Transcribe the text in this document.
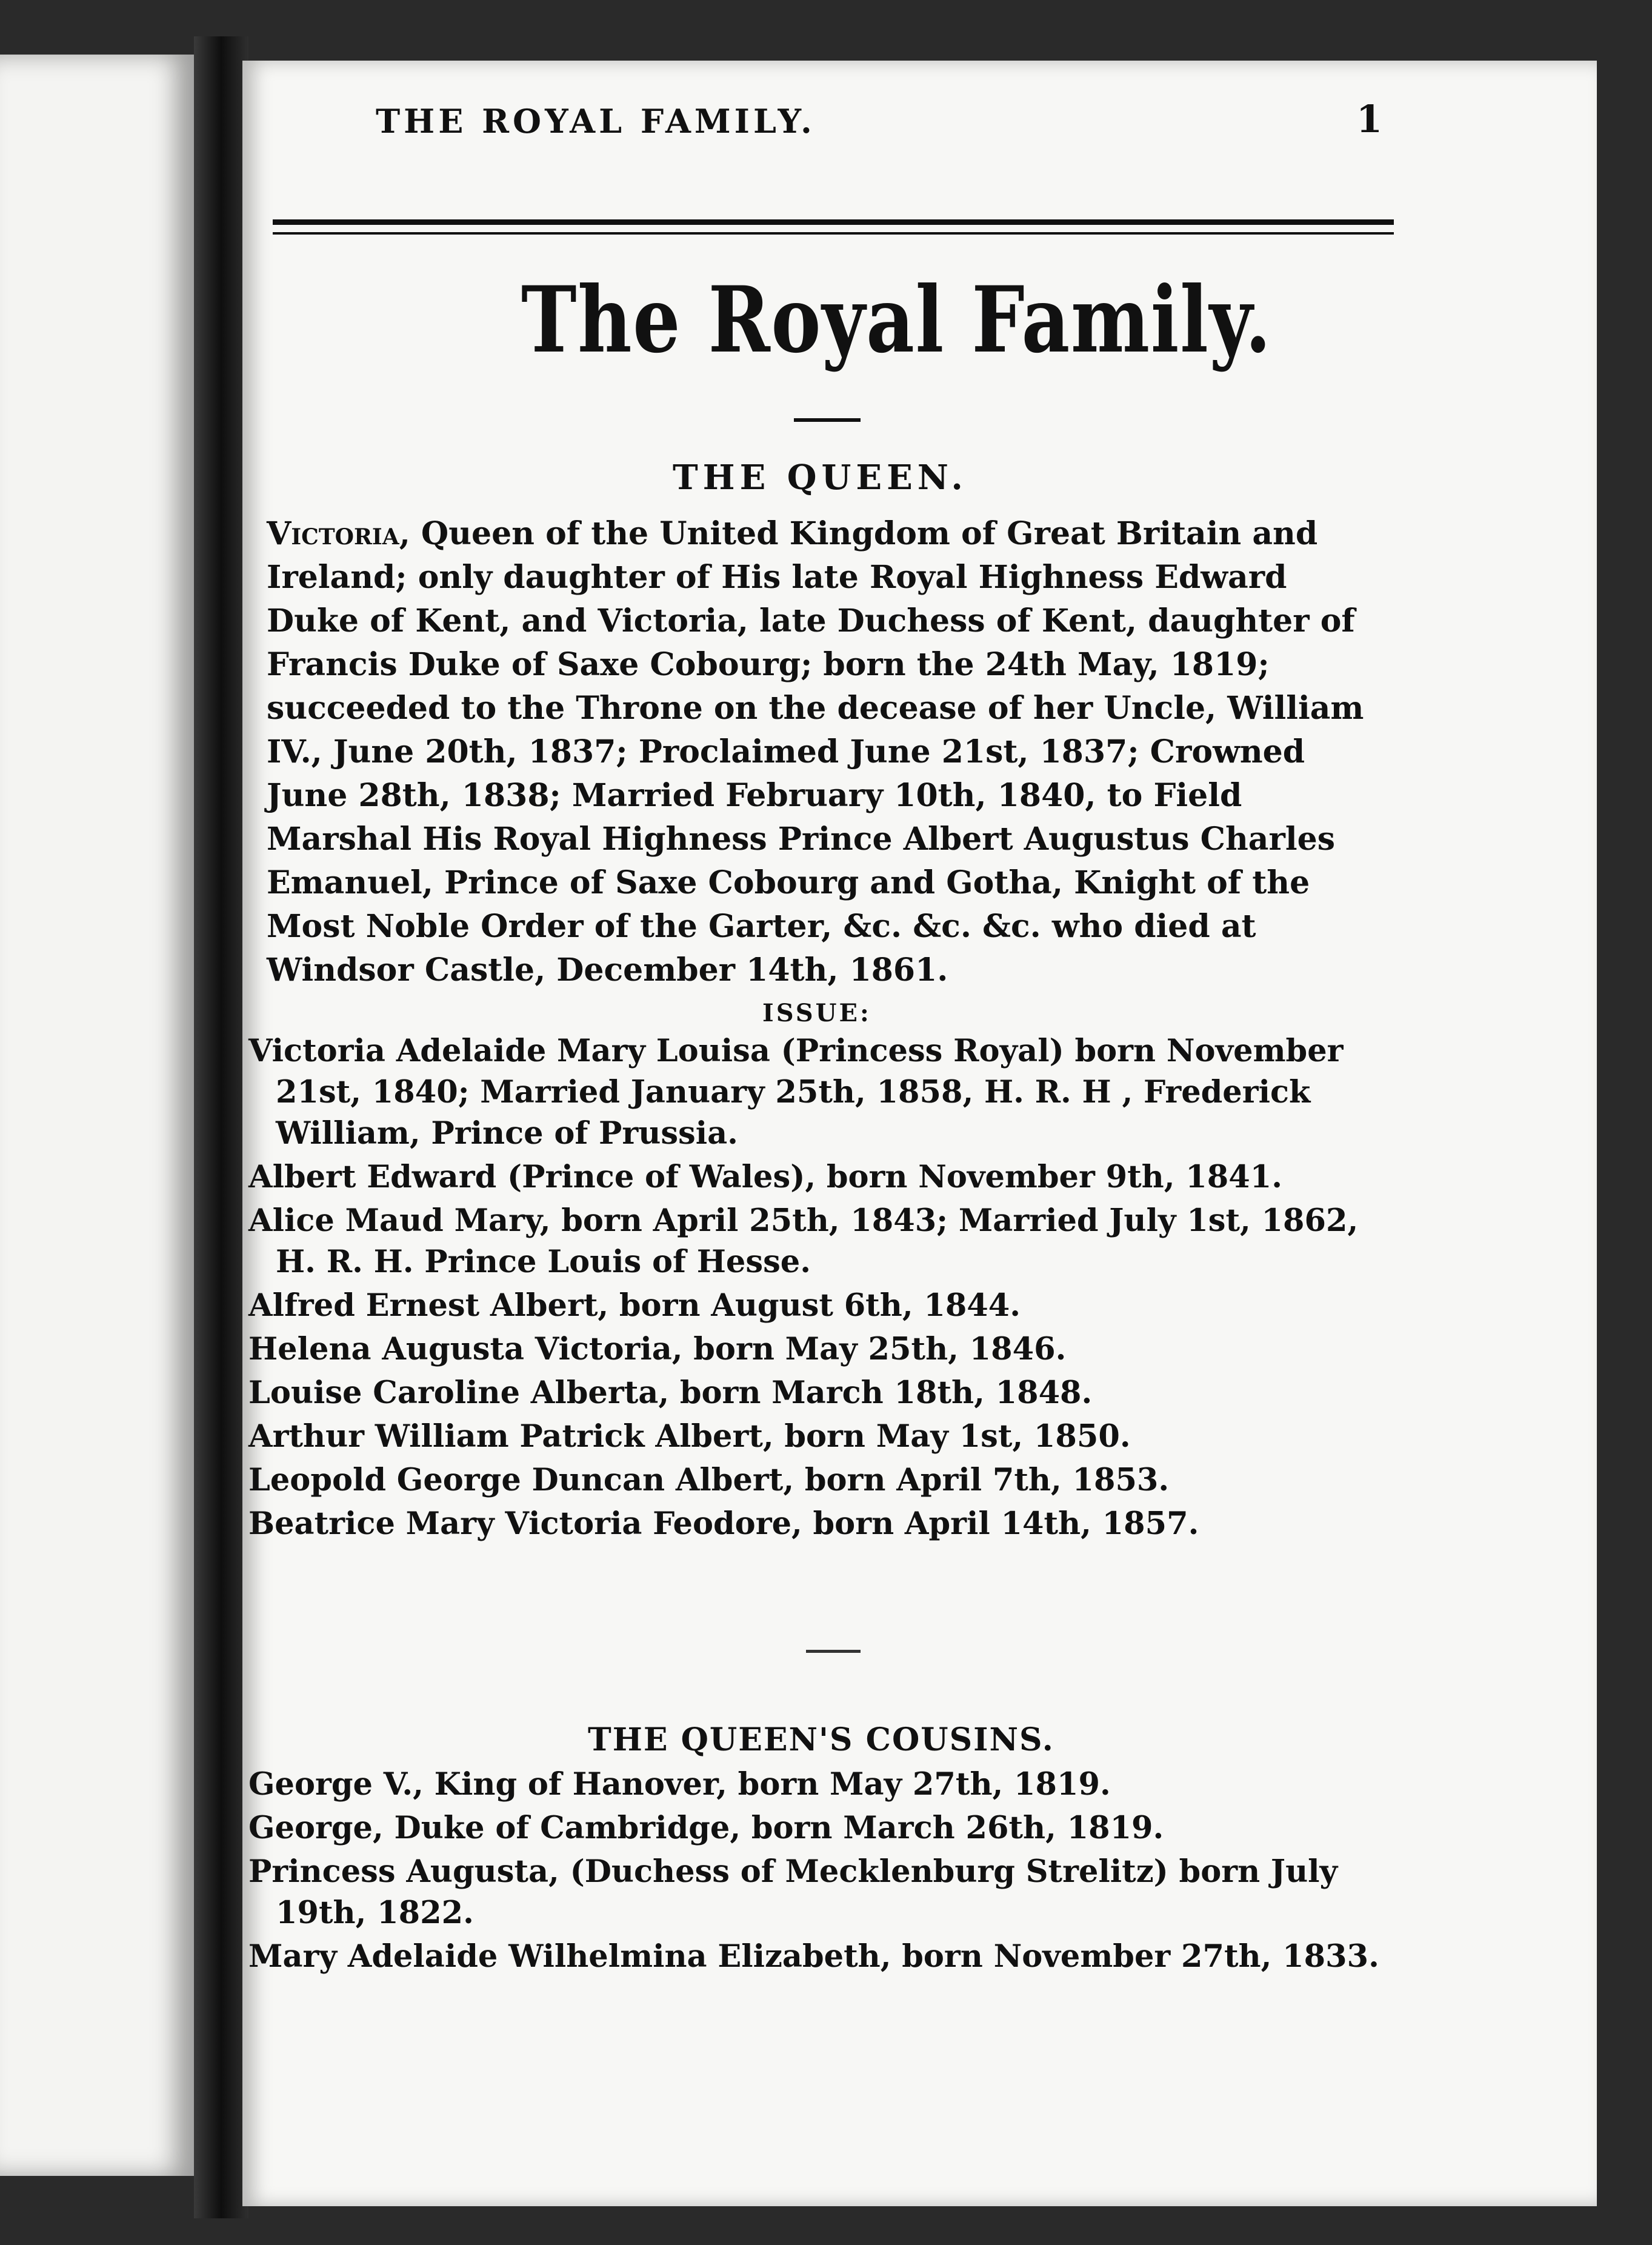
THE ROYAL FAMILY.	1
The Royal Family.
THE QUEEN.

Victoria, Queen of the United Kingdom of Great Britain and Ireland; only daughter of His late Royal Highness Edward Duke of Kent, and Victoria, late Duchess of Kent, daughter of Francis Duke of Saxe Cobourg; born the 24th May, 1819; succeeded to the Throne on the decease of her Uncle, William IV., June 20th, 1837; Proclaimed June 21st, 1837; Crowned June 28th, 1838; Married February 10th, 1840, to Field Marshal His Royal Highness Prince Albert Augustus Charles Emanuel, Prince of Saxe Cobourg and Gotha, Knight of the Most Noble Order of the Garter, &c. &c. &c. who died at Windsor Castle, December 14th, 1861.

ISSUE:

Victoria Adelaide Mary Louisa (Princess Royal) born November 21st, 1840; Married January 25th, 1858, H. R. H , Frederick William, Prince of Prussia.

Albert Edward (Prince of Wales), born November 9th, 1841.

Alice Maud Mary, born April 25th, 1843; Married July 1st, 1862, H. R. H. Prince Louis of Hesse.

Alfred Ernest Albert, born August 6th, 1844.

Helena Augusta Victoria, born May 25th, 1846.

Louise Caroline Alberta, born March 18th, 1848.

Arthur William Patrick Albert, born May 1st, 1850.

Leopold George Duncan Albert, born April 7th, 1853.

Beatrice Mary Victoria Feodore, born April 14th, 1857.

THE QUEEN'S COUSINS.

George V., King of Hanover, born May 27th, 1819.

George, Duke of Cambridge, born March 26th, 1819.

Princess Augusta, (Duchess of Mecklenburg Strelitz) born July 19th, 1822.

Mary Adelaide Wilhelmina Elizabeth, born November 27th, 1833.
